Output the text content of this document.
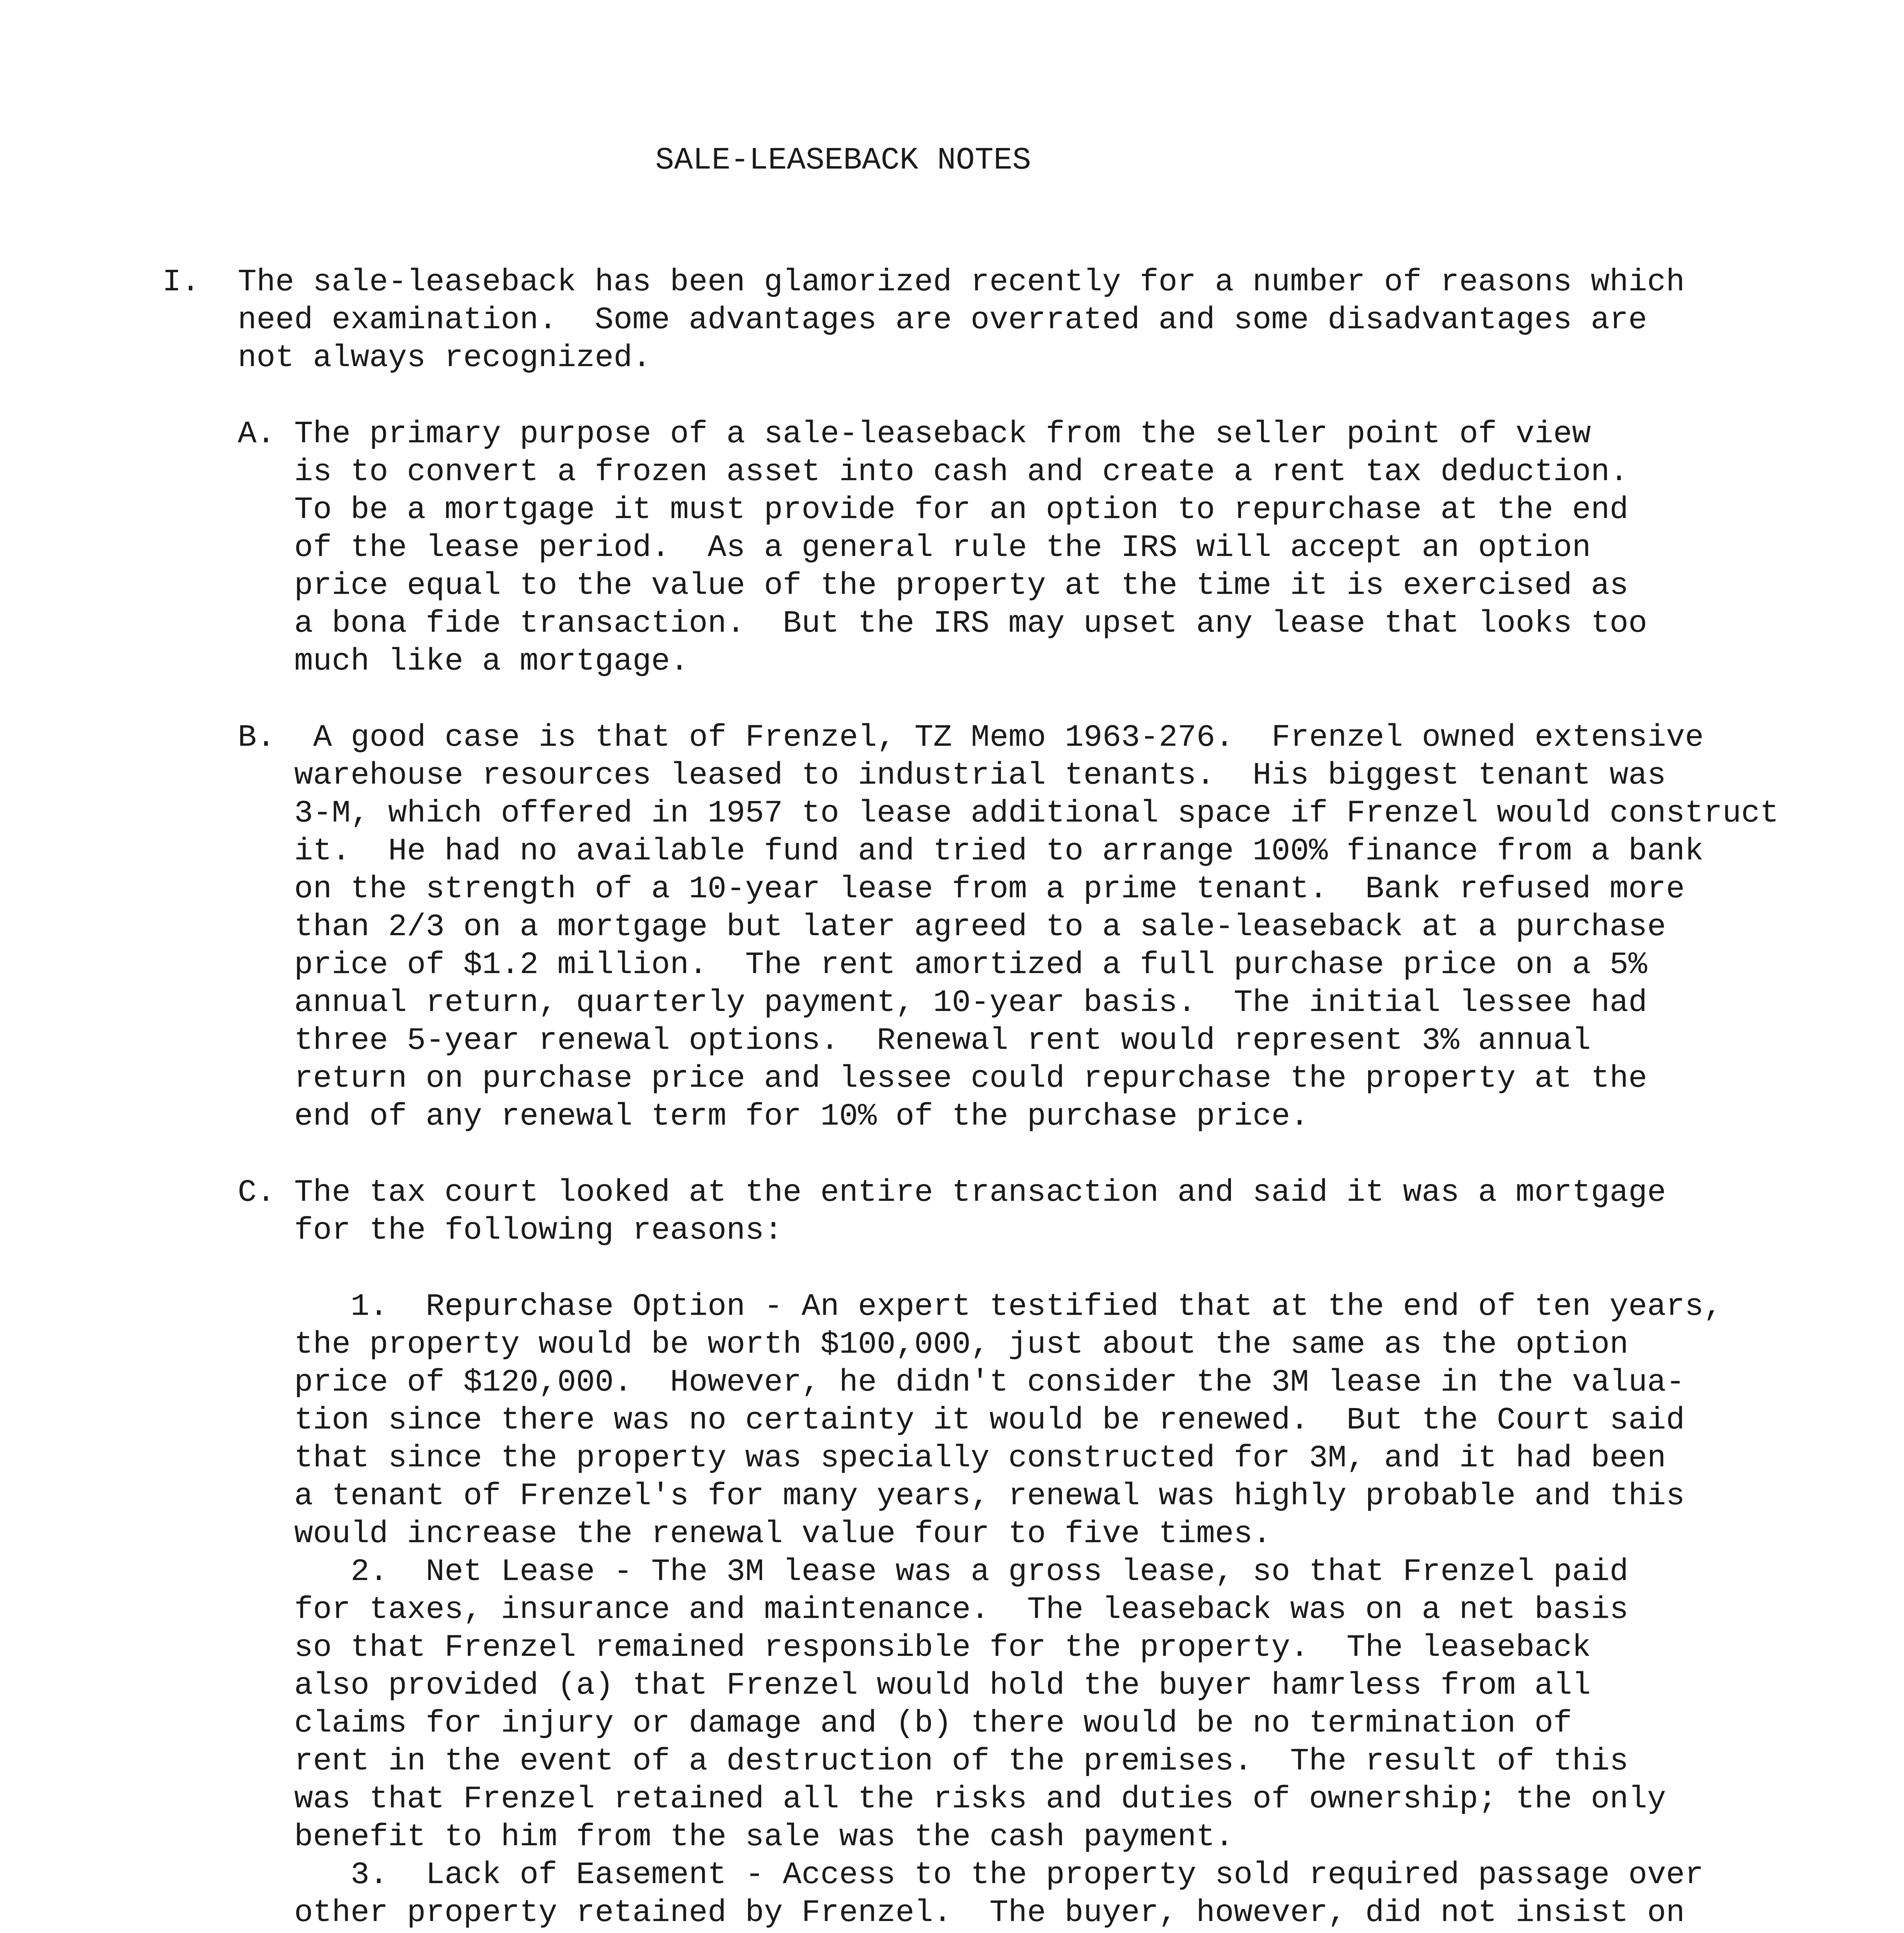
SALE-LEASEBACK NOTES
I. The sale-leaseback has been glamorized recently for a number of reasons which
need examination.  Some advantages are overrated and some disadvantages are
not always recognized.
A. The primary purpose of a sale-leaseback from the seller point of view
is to convert a frozen asset into cash and create a rent tax deduction.
To be a mortgage it must provide for an option to repurchase at the end
of the lease period.  As a general rule the IRS will accept an option
price equal to the value of the property at the time it is exercised as
a bona fide transaction.  But the IRS may upset any lease that looks too
much like a mortgage.
B. A good case is that of Frenzel, TZ Memo 1963-276.  Frenzel owned extensive
warehouse resources leased to industrial tenants.  His biggest tenant was
3-M, which offered in 1957 to lease additional space if Frenzel would construct
it.  He had no available fund and tried to arrange 100% finance from a bank
on the strength of a 10-year lease from a prime tenant.  Bank refused more
than 2/3 on a mortgage but later agreed to a sale-leaseback at a purchase
price of $1.2 million.  The rent amortized a full purchase price on a 5%
annual return, quarterly payment, 10-year basis.  The initial lessee had
three 5-year renewal options.  Renewal rent would represent 3% annual
return on purchase price and lessee could repurchase the property at the
end of any renewal term for 10% of the purchase price.
C. The tax court looked at the entire transaction and said it was a mortgage
for the following reasons:
1.  Repurchase Option - An expert testified that at the end of ten years,
the property would be worth $100,000, just about the same as the option
price of $120,000.  However, he didn't consider the 3M lease in the valua-
tion since there was no certainty it would be renewed.  But the Court said
that since the property was specially constructed for 3M, and it had been
a tenant of Frenzel's for many years, renewal was highly probable and this
would increase the renewal value four to five times.
2.  Net Lease - The 3M lease was a gross lease, so that Frenzel paid
for taxes, insurance and maintenance.  The leaseback was on a net basis
so that Frenzel remained responsible for the property.  The leaseback
also provided (a) that Frenzel would hold the buyer hamrless from all
claims for injury or damage and (b) there would be no termination of
rent in the event of a destruction of the premises.  The result of this
was that Frenzel retained all the risks and duties of ownership; the only
benefit to him from the sale was the cash payment.
3.  Lack of Easement - Access to the property sold required passage over
other property retained by Frenzel.  The buyer, however, did not insist on
